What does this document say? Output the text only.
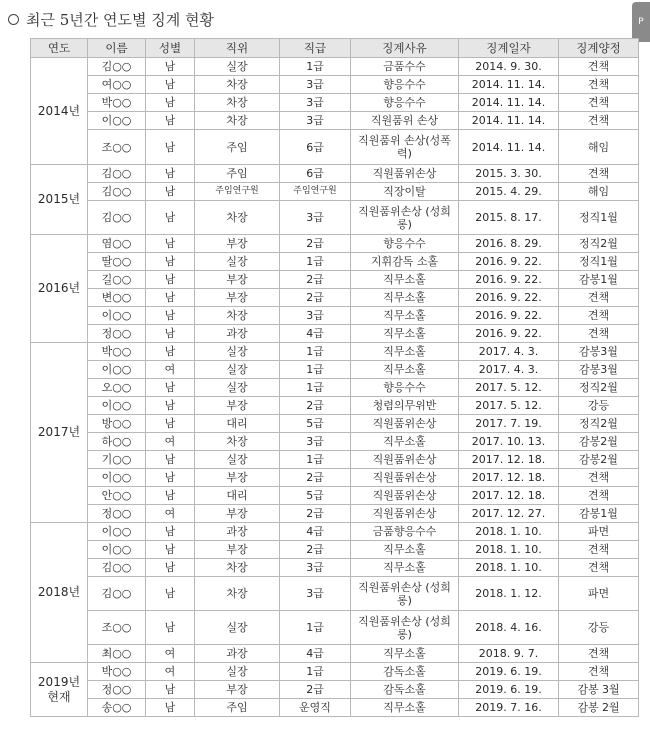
최근 5년간 연도별 징계 현황	P
연도	이름	성별	직위	직급	징계사유	징계일자	징계양정
2014년	김○○	남	실장	1급	금품수수	2014. 9. 30.	견책
	여○○	남	차장	3급	향응수수	2014. 11. 14.	견책
	박○○	남	차장	3급	향응수수	2014. 11. 14.	견책
	이○○	남	차장	3급	직원품위 손상	2014. 11. 14.	견책
	조○○	남	주임	6급	직원품위 손상(성폭력)	2014. 11. 14.	해임
2015년	김○○	남	주임	6급	직원품위손상	2015. 3. 30.	견책
	김○○	남	주임연구원	주임연구원	직장이탈	2015. 4. 29.	해임
	김○○	남	차장	3급	직원품위손상 (성희롱)	2015. 8. 17.	정직1월
2016년	염○○	남	부장	2급	향응수수	2016. 8. 29.	정직2월
	딸○○	남	실장	1급	지휘감독 소홀	2016. 9. 22.	정직1월
	길○○	남	부장	2급	직무소홀	2016. 9. 22.	감봉1월
	변○○	남	부장	2급	직무소홀	2016. 9. 22.	견책
	이○○	남	차장	3급	직무소홀	2016. 9. 22.	견책
	정○○	남	과장	4급	직무소홀	2016. 9. 22.	견책
2017년	박○○	남	실장	1급	직무소홀	2017. 4. 3.	감봉3월
	이○○	여	실장	1급	직무소홀	2017. 4. 3.	감봉3월
	오○○	남	실장	1급	향응수수	2017. 5. 12.	정직2월
	이○○	남	부장	2급	청렴의무위반	2017. 5. 12.	강등
	방○○	남	대리	5급	직원품위손상	2017. 7. 19.	정직2월
	하○○	여	차장	3급	직무소홀	2017. 10. 13.	감봉2월
	기○○	남	실장	1급	직원품위손상	2017. 12. 18.	감봉2월
	이○○	남	부장	2급	직원품위손상	2017. 12. 18.	견책
	안○○	남	대리	5급	직원품위손상	2017. 12. 18.	견책
	정○○	여	부장	2급	직원품위손상	2017. 12. 27.	감봉1월
2018년	이○○	남	과장	4급	금품향응수수	2018. 1. 10.	파면
	이○○	남	부장	2급	직무소홀	2018. 1. 10.	견책
	김○○	남	차장	3급	직무소홀	2018. 1. 10.	견책
	김○○	남	차장	3급	직원품위손상 (성희롱)	2018. 1. 12.	파면
	조○○	남	실장	1급	직원품위손상 (성희롱)	2018. 4. 16.	강등
	최○○	여	과장	4급	직무소홀	2018. 9. 7.	견책
2019년 현재	박○○	여	실장	1급	감독소홀	2019. 6. 19.	견책
	정○○	남	부장	2급	감독소홀	2019. 6. 19.	감봉 3월
	송○○	남	주임	운영직	직무소홀	2019. 7. 16.	감봉 2월
